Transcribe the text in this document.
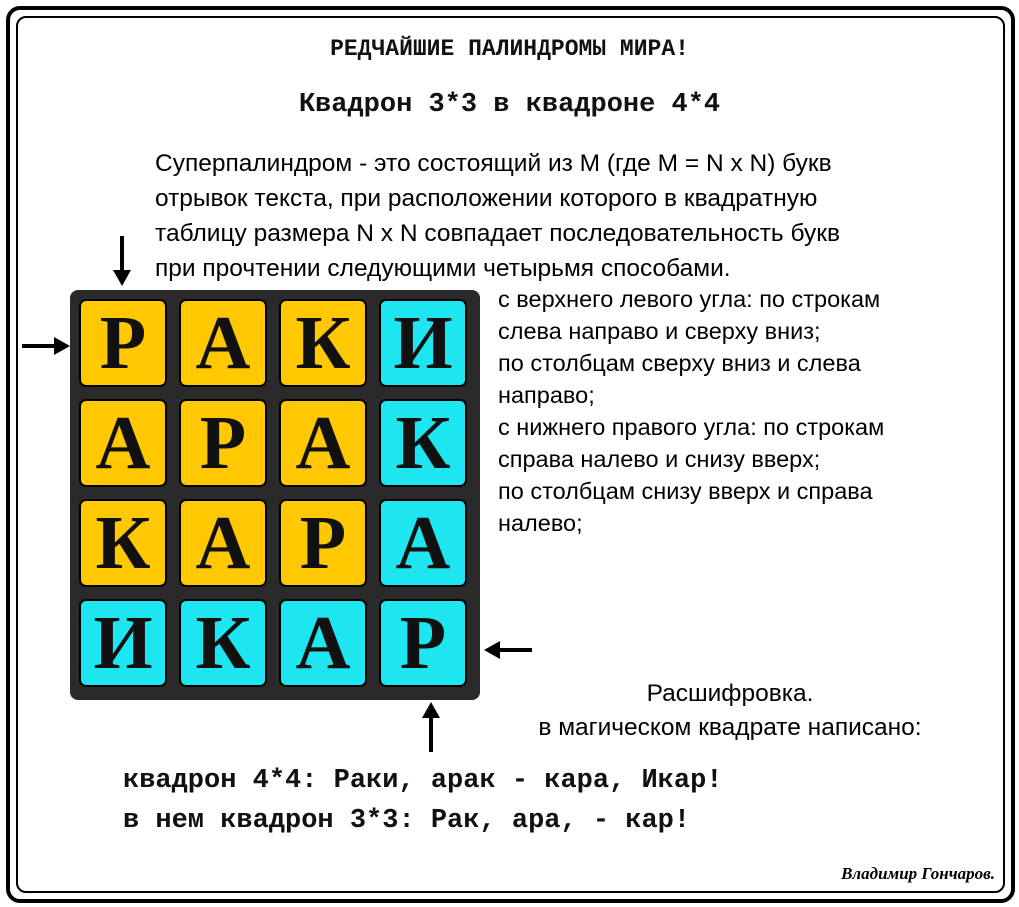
РЕДЧАЙШИЕ ПАЛИНДРОМЫ МИРА!
Квадрон 3*3 в квадроне 4*4
Суперпалиндром - это состоящий из М (где М = N x N) букв
отрывок текста, при расположении которого в квадратную
таблицу размера N x N совпадает последовательность букв
при прочтении следующими четырьмя способами.
с верхнего левого угла: по строкам
слева направо и сверху вниз;
по столбцам сверху вниз и слева
направо;
с нижнего правого угла: по строкам
справа налево и снизу вверх;
по столбцам снизу вверх и справа
налево;
Р А К И
А Р А К
К А Р А
И К А Р
Расшифровка.
в магическом квадрате написано:
квадрон 4*4: Раки, арак - кара, Икар!
в нем квадрон 3*3: Рак, ара, - кар!
Владимир Гончаров.
